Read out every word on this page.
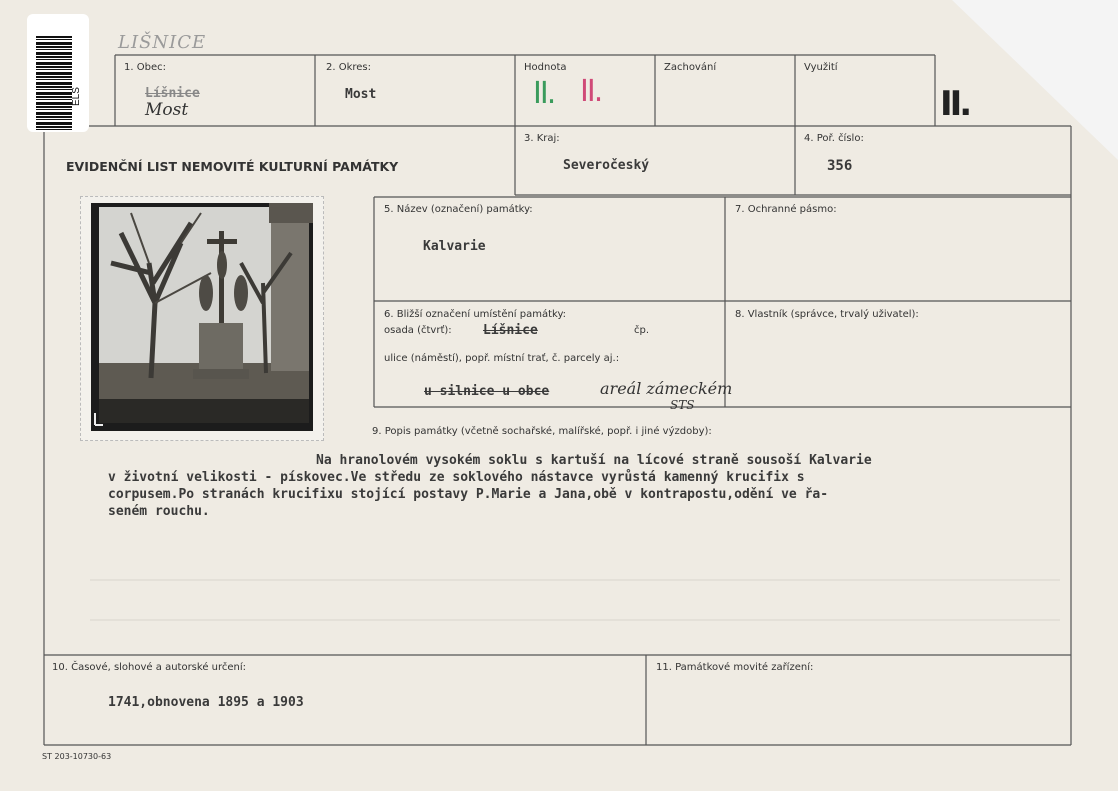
ELS
LIŠNICE
1. Obec:
Líšnice
Most
2. Okres:
Most
Hodnota
II. II.
Zachování	Využití
II.
EVIDENČNÍ LIST NEMOVITÉ KULTURNÍ PAMÁTKY
3. Kraj:
Severočeský
4. Poř. číslo:
356
5. Název (označení) památky:
Kalvarie
7. Ochranné pásmo:
6. Bližší označení umístění památky:
osada (čtvrť): Líšnice	čp.
ulice (náměstí), popř. místní trať, č. parcely aj.:
u silnice u obce	areál zámeckém
STS
8. Vlastník (správce, trvalý uživatel):
9. Popis památky (včetně sochařské, malířské, popř. i jiné výzdoby):
Na hranolovém vysokém soklu s kartuší na lícové straně sousoší Kalvarie
v životní velikosti - pískovec.Ve středu ze soklového nástavce vyrůstá kamenný krucifix s
corpusem.Po stranách krucifixu stojící postavy P.Marie a Jana,obě v kontrapostu,odění ve řa-
seném rouchu.
10. Časové, slohové a autorské určení:
1741,obnovena 1895 a 1903
11. Památkové movité zařízení:
ST 203-10730-63
